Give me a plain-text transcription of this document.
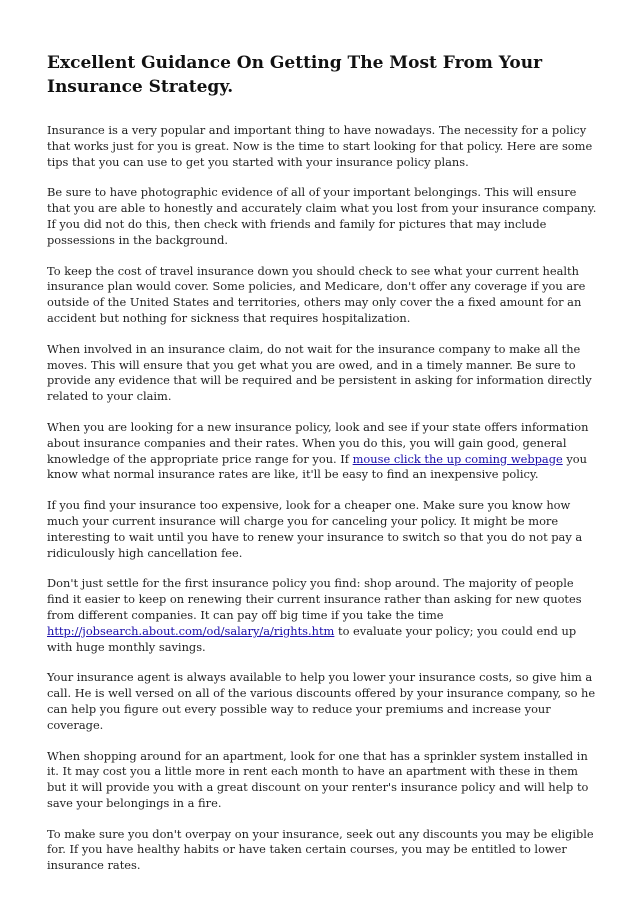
Excellent Guidance On Getting The Most From Your Insurance Strategy.

Insurance is a very popular and important thing to have nowadays. The necessity for a policy that works just for you is great. Now is the time to start looking for that policy. Here are some tips that you can use to get you started with your insurance policy plans.

Be sure to have photographic evidence of all of your important belongings. This will ensure that you are able to honestly and accurately claim what you lost from your insurance company. If you did not do this, then check with friends and family for pictures that may include possessions in the background.

To keep the cost of travel insurance down you should check to see what your current health insurance plan would cover. Some policies, and Medicare, don't offer any coverage if you are outside of the United States and territories, others may only cover the a fixed amount for an accident but nothing for sickness that requires hospitalization.

When involved in an insurance claim, do not wait for the insurance company to make all the moves. This will ensure that you get what you are owed, and in a timely manner. Be sure to provide any evidence that will be required and be persistent in asking for information directly related to your claim.

When you are looking for a new insurance policy, look and see if your state offers information about insurance companies and their rates. When you do this, you will gain good, general knowledge of the appropriate price range for you. If mouse click the up coming webpage you know what normal insurance rates are like, it'll be easy to find an inexpensive policy.

If you find your insurance too expensive, look for a cheaper one. Make sure you know how much your current insurance will charge you for canceling your policy. It might be more interesting to wait until you have to renew your insurance to switch so that you do not pay a ridiculously high cancellation fee.

Don't just settle for the first insurance policy you find: shop around. The majority of people find it easier to keep on renewing their current insurance rather than asking for new quotes from different companies. It can pay off big time if you take the time http://jobsearch.about.com/od/salary/a/rights.htm to evaluate your policy; you could end up with huge monthly savings.

Your insurance agent is always available to help you lower your insurance costs, so give him a call. He is well versed on all of the various discounts offered by your insurance company, so he can help you figure out every possible way to reduce your premiums and increase your coverage.

When shopping around for an apartment, look for one that has a sprinkler system installed in it. It may cost you a little more in rent each month to have an apartment with these in them but it will provide you with a great discount on your renter's insurance policy and will help to save your belongings in a fire.

To make sure you don't overpay on your insurance, seek out any discounts you may be eligible for. If you have healthy habits or have taken certain courses, you may be entitled to lower insurance rates.
